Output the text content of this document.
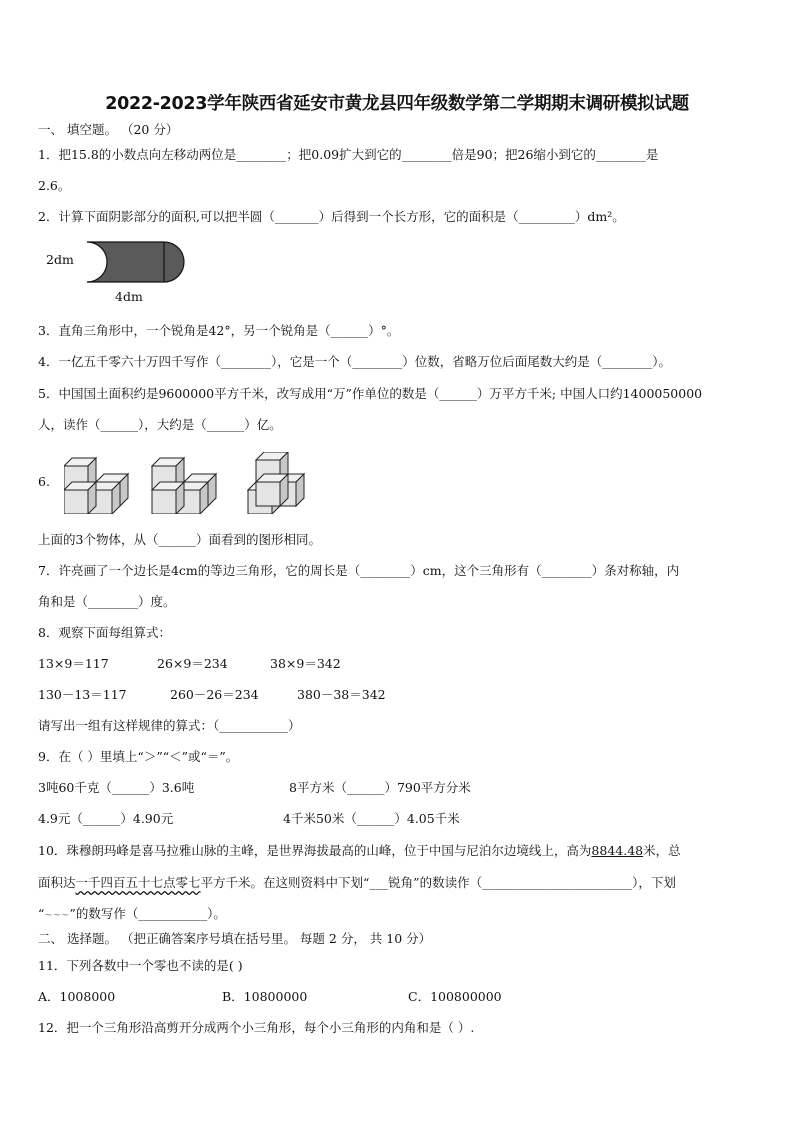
2022-2023学年陕西省延安市黄龙县四年级数学第二学期期末调研模拟试题
一、 填空题。 （20 分）
1．把15.8的小数点向左移动两位是________；把0.09扩大到它的________倍是90；把26缩小到它的________是
2.6。
2．计算下面阴影部分的面积,可以把半圆（_______）后得到一个长方形，它的面积是（_________）dm²。
2dm
4dm
3．直角三角形中，一个锐角是42°，另一个锐角是（______）°。
4．一亿五千零六十万四千写作（________），它是一个（________）位数，省略万位后面尾数大约是（________）。
5．中国国土面积约是9600000平方千米，改写成用“万”作单位的数是（______）万平方千米; 中国人口约1400050000
人，读作（______），大约是（______）亿。
6.
上面的3个物体，从（______）面看到的图形相同。
7．许亮画了一个边长是4cm的等边三角形，它的周长是（________）cm，这个三角形有（________）条对称轴，内
角和是（________）度。
8．观察下面每组算式：
13×9＝117	26×9＝234	38×9＝342
130－13＝117	260－26＝234	380－38＝342
请写出一组有这样规律的算式：（___________）
9．在（ ）里填上“＞”“＜”或“＝”。
3吨60千克（______）3.6吨	8平方米（______）790平方分米
4.9元（______）4.90元	4千米50米（______）4.05千米
10．珠穆朗玛峰是喜马拉雅山脉的主峰，是世界海拔最高的山峰，位于中国与尼泊尔边境线上，高为8844.48米，总
面积达一千四百五十七点零七平方千米。在这则资料中下划“___锐角”的数读作（________________________），下划
“~~~”的数写作（___________）。
二、 选择题。 （把正确答案序号填在括号里。 每题 2 分， 共 10 分）
11．下列各数中一个零也不读的是( )
A．1008000	B．10800000	C．100800000
12．把一个三角形沿高剪开分成两个小三角形，每个小三角形的内角和是（ ）.
